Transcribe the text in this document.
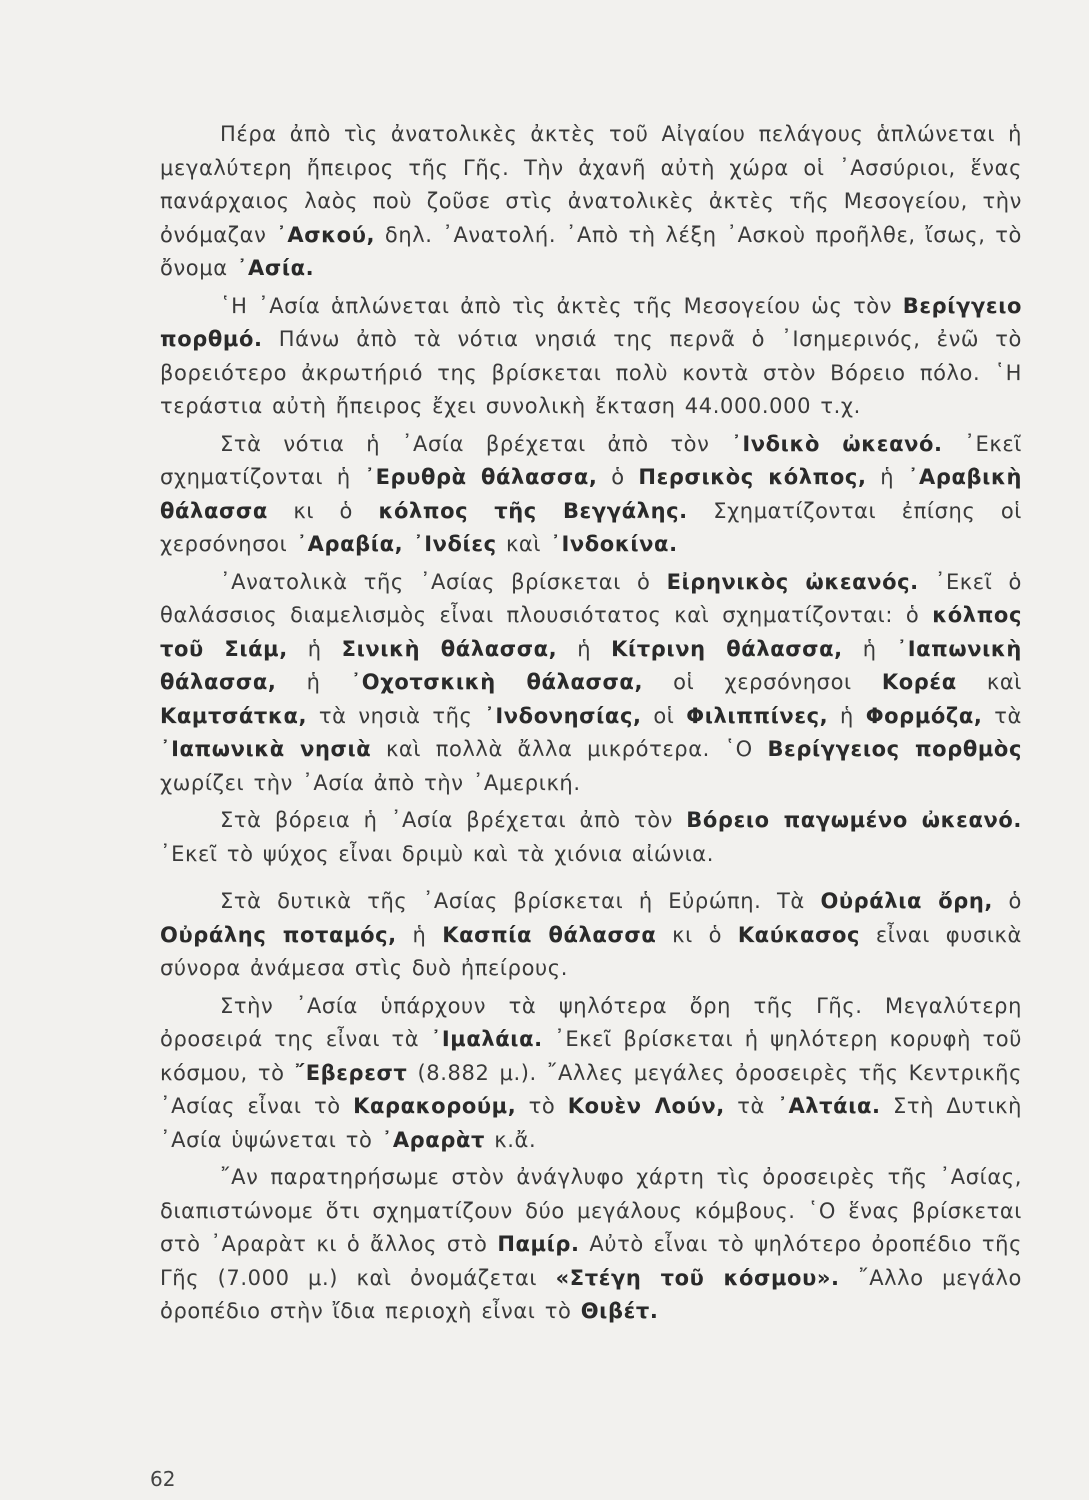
Πέρα ἀπὸ τὶς ἀνατολικὲς ἀκτὲς τοῦ Αἰγαίου πελάγους ἁπλώνεται ἡ μεγαλύτερη ἤπειρος τῆς Γῆς. Τὴν ἀχανῆ αὐτὴ χώρα οἱ ᾿Ασσύριοι, ἕνας πανάρχαιος λαὸς ποὺ ζοῦσε στὶς ἀνατολικὲς ἀκτὲς τῆς Μεσογείου, τὴν ὀνόμαζαν ᾿Ασκού, δηλ. ᾿Ανατολή. ᾿Απὸ τὴ λέξη ᾿Ασκοὺ προῆλθε, ἴσως, τὸ ὄνομα ᾿Ασία.

῾Η ᾿Ασία ἁπλώνεται ἀπὸ τὶς ἀκτὲς τῆς Μεσογείου ὡς τὸν Βερίγγειο πορθμό. Πάνω ἀπὸ τὰ νότια νησιά της περνᾶ ὁ ᾿Ισημερινός, ἐνῶ τὸ βορειότερο ἀκρωτήριό της βρίσκεται πολὺ κοντὰ στὸν Βόρειο πόλο. ῾Η τεράστια αὐτὴ ἤπειρος ἔχει συνολικὴ ἔκταση 44.000.000 τ.χ.

Στὰ νότια ἡ ᾿Ασία βρέχεται ἀπὸ τὸν ᾿Ινδικὸ ὠκεανό. ᾿Εκεῖ σχηματίζονται ἡ ᾿Ερυθρὰ θάλασσα, ὁ Περσικὸς κόλπος, ἡ ᾿Αραβικὴ θάλασσα κι ὁ κόλπος τῆς Βεγγάλης. Σχηματίζονται ἐπίσης οἱ χερσόνησοι ᾿Αραβία, ᾿Ινδίες καὶ ᾿Ινδοκίνα.

᾿Ανατολικὰ τῆς ᾿Ασίας βρίσκεται ὁ Εἰρηνικὸς ὠκεανός. ᾿Εκεῖ ὁ θαλάσσιος διαμελισμὸς εἶναι πλουσιότατος καὶ σχηματίζονται: ὁ κόλπος τοῦ Σιάμ, ἡ Σινικὴ θάλασσα, ἡ Κίτρινη θάλασσα, ἡ ᾿Ιαπωνικὴ θάλασσα, ἡ ᾿Οχοτσκικὴ θάλασσα, οἱ χερσόνησοι Κορέα καὶ Καμτσάτκα, τὰ νησιὰ τῆς ᾿Ινδονησίας, οἱ Φιλιππίνες, ἡ Φορμόζα, τὰ ᾿Ιαπωνικὰ νησιὰ καὶ πολλὰ ἄλλα μικρότερα. ῾Ο Βερίγγειος πορθμὸς χωρίζει τὴν ᾿Ασία ἀπὸ τὴν ᾿Αμερική.

Στὰ βόρεια ἡ ᾿Ασία βρέχεται ἀπὸ τὸν Βόρειο παγωμένο ὠκεανό. ᾿Εκεῖ τὸ ψύχος εἶναι δριμὺ καὶ τὰ χιόνια αἰώνια.

Στὰ δυτικὰ τῆς ᾿Ασίας βρίσκεται ἡ Εὐρώπη. Τὰ Οὐράλια ὄρη, ὁ Οὐράλης ποταμός, ἡ Κασπία θάλασσα κι ὁ Καύκασος εἶναι φυσικὰ σύνορα ἀνάμεσα στὶς δυὸ ἠπείρους.

Στὴν ᾿Ασία ὑπάρχουν τὰ ψηλότερα ὄρη τῆς Γῆς. Μεγαλύτερη ὀροσειρά της εἶναι τὰ ᾿Ιμαλάια. ᾿Εκεῖ βρίσκεται ἡ ψηλότερη κορυφὴ τοῦ κόσμου, τὸ ῎Εβερεστ (8.882 μ.). ῎Αλλες μεγάλες ὀροσειρὲς τῆς Κεντρικῆς ᾿Ασίας εἶναι τὸ Καρακορούμ, τὸ Κουὲν Λούν, τὰ ᾿Αλτάια. Στὴ Δυτικὴ ᾿Ασία ὑψώνεται τὸ ᾿Αραρὰτ κ.ἄ.

῎Αν παρατηρήσωμε στὸν ἀνάγλυφο χάρτη τὶς ὀροσειρὲς τῆς ᾿Ασίας, διαπιστώνομε ὅτι σχηματίζουν δύο μεγάλους κόμβους. ῾Ο ἕνας βρίσκεται στὸ ᾿Αραρὰτ κι ὁ ἄλλος στὸ Παμίρ. Αὐτὸ εἶναι τὸ ψηλότερο ὀροπέδιο τῆς Γῆς (7.000 μ.) καὶ ὀνομάζεται «Στέγη τοῦ κόσμου». ῎Αλλο μεγάλο ὀροπέδιο στὴν ἴδια περιοχὴ εἶναι τὸ Θιβέτ.

62
